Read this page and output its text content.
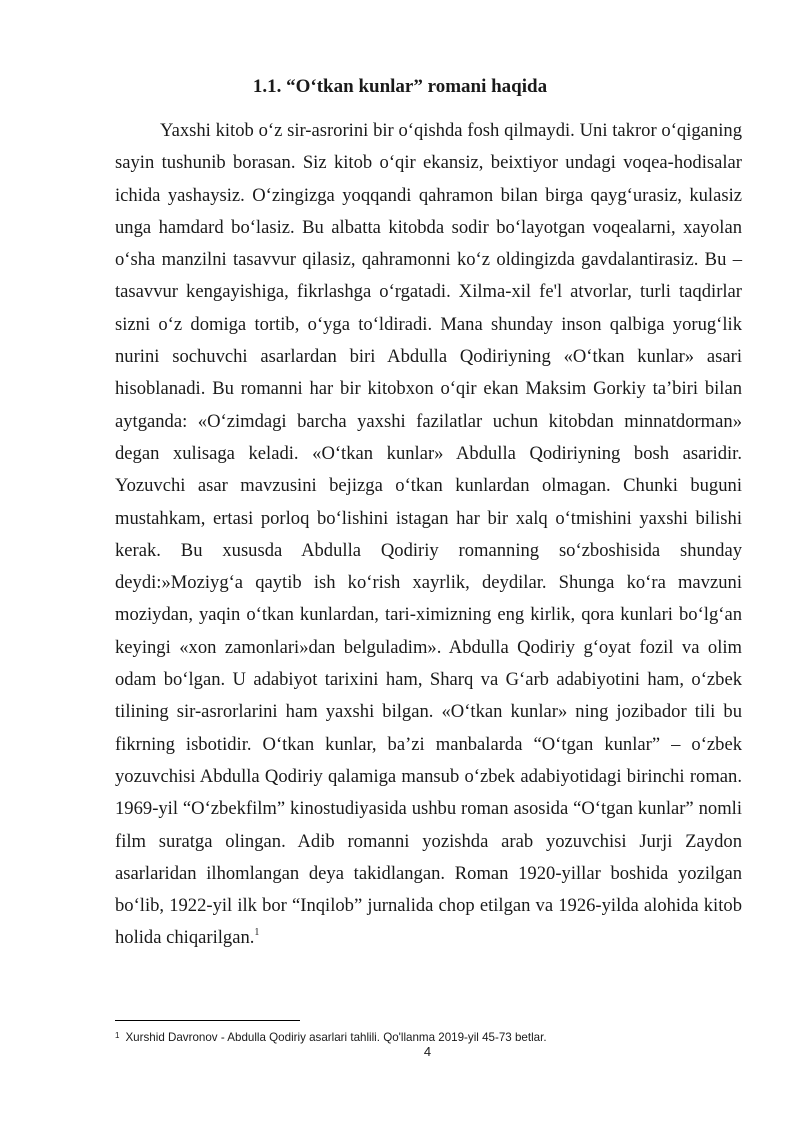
1.1. “O‘tkan kunlar” romani haqida

Yaxshi kitob o‘z sir-asrorini bir o‘qishda fosh qilmaydi. Uni takror o‘qiganing sayin tushunib borasan. Siz kitob o‘qir ekansiz, beixtiyor undagi voqea-hodisalar ichida yashaysiz. O‘zingizga yoqqandi qahramon bilan birga qayg‘urasiz, kulasiz unga hamdard bo‘lasiz. Bu albatta kitobda sodir bo‘layotgan voqealarni, xayolan o‘sha manzilni tasavvur qilasiz, qahramonni ko‘z oldingizda gavdalantirasiz. Bu – tasavvur kengayishiga, fikrlashga o‘rgatadi. Xilma-xil fe'l atvorlar, turli taqdirlar sizni o‘z domiga tortib, o‘yga to‘ldiradi. Mana shunday inson qalbiga yorug‘lik nurini sochuvchi asarlardan biri Abdulla Qodiriyning «O‘tkan kunlar» asari hisoblanadi. Bu romanni har bir kitobxon o‘qir ekan Maksim Gorkiy ta’biri bilan aytganda: «O‘zimdagi barcha yaxshi fazilatlar uchun kitobdan minnatdorman» degan xulisaga keladi. «O‘tkan kunlar» Abdulla Qodiriyning bosh asaridir. Yozuvchi asar mavzusini bejizga o‘tkan kunlardan olmagan. Chunki buguni mustahkam, ertasi porloq bo‘lishini istagan har bir xalq o‘tmishini yaxshi bilishi kerak. Bu xususda Abdulla Qodiriy romanning so‘zboshisida shunday deydi:»Moziyg‘a qaytib ish ko‘rish xayrlik, deydilar. Shunga ko‘ra mavzuni moziydan, yaqin o‘tkan kunlardan, tari-ximizning eng kirlik, qora kunlari bo‘lg‘an keyingi «xon zamonlari»dan belguladim». Abdulla Qodiriy g‘oyat fozil va olim odam bo‘lgan. U adabiyot tarixini ham, Sharq va G‘arb adabiyotini ham, o‘zbek tilining sir-asrorlarini ham yaxshi bilgan. «O‘tkan kunlar» ning jozibador tili bu fikrning isbotidir. O‘tkan kunlar, ba’zi manbalarda “O‘tgan kunlar” – o‘zbek yozuvchisi Abdulla Qodiriy qalamiga mansub o‘zbek adabiyotidagi birinchi roman. 1969-yil “O‘zbekfilm” kinostudiyasida ushbu roman asosida “O‘tgan kunlar” nomli film suratga olingan. Adib romanni yozishda arab yozuvchisi Jurji Zaydon asarlaridan ilhomlangan deya takidlangan. Roman 1920-yillar boshida yozilgan bo‘lib, 1922-yil ilk bor “Inqilob” jurnalida chop etilgan va 1926-yilda alohida kitob holida chiqarilgan.$^1$

$^1$ Xurshid Davronov - Abdulla Qodiriy asarlari tahlili. Qo'llanma 2019-yil 45-73 betlar.
4
